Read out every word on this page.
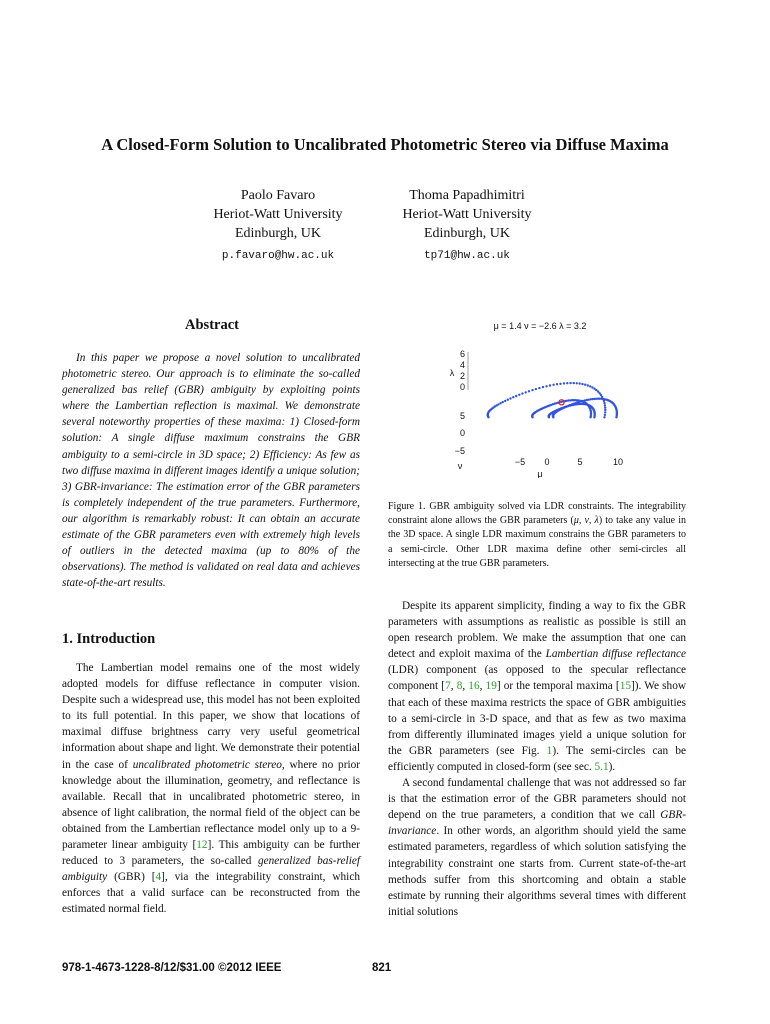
A Closed-Form Solution to Uncalibrated Photometric Stereo via Diffuse Maxima
Paolo Favaro
Heriot-Watt University
Edinburgh, UK
p.favaro@hw.ac.uk
Thoma Papadhimitri
Heriot-Watt University
Edinburgh, UK
tp71@hw.ac.uk
Abstract
In this paper we propose a novel solution to uncalibrated photometric stereo. Our approach is to eliminate the so-called generalized bas relief (GBR) ambiguity by exploiting points where the Lambertian reflection is maximal. We demonstrate several noteworthy properties of these maxima: 1) Closed-form solution: A single diffuse maximum constrains the GBR ambiguity to a semi-circle in 3D space; 2) Efficiency: As few as two diffuse maxima in different images identify a unique solution; 3) GBR-invariance: The estimation error of the GBR parameters is completely independent of the true parameters. Furthermore, our algorithm is remarkably robust: It can obtain an accurate estimate of the GBR parameters even with extremely high levels of outliers in the detected maxima (up to 80% of the observations). The method is validated on real data and achieves state-of-the-art results.
1. Introduction

The Lambertian model remains one of the most widely adopted models for diffuse reflectance in computer vision. Despite such a widespread use, this model has not been exploited to its full potential. In this paper, we show that locations of maximal diffuse brightness carry very useful geometrical information about shape and light. We demonstrate their potential in the case of uncalibrated photometric stereo, where no prior knowledge about the illumination, geometry, and reflectance is available. Recall that in uncalibrated photometric stereo, in absence of light calibration, the normal field of the object can be obtained from the Lambertian reflectance model only up to a 9-parameter linear ambiguity [12]. This ambiguity can be further reduced to 3 parameters, the so-called generalized bas-relief ambiguity (GBR) [4], via the integrability constraint, which enforces that a valid surface can be reconstructed from the estimated normal field.

μ = 1.4 ν = −2.6 λ = 3.2
6
4
2
0
λ
5
0
−5
ν	−5 0	5	10
μ
Figure 1. GBR ambiguity solved via LDR constraints. The integrability constraint alone allows the GBR parameters (μ, ν, λ) to take any value in the 3D space. A single LDR maximum constrains the GBR parameters to a semi-circle. Other LDR maxima define other semi-circles all intersecting at the true GBR parameters.

Despite its apparent simplicity, finding a way to fix the GBR parameters with assumptions as realistic as possible is still an open research problem. We make the assumption that one can detect and exploit maxima of the Lambertian diffuse reflectance (LDR) component (as opposed to the specular reflectance component [7, 8, 16, 19] or the temporal maxima [15]). We show that each of these maxima restricts the space of GBR ambiguities to a semi-circle in 3-D space, and that as few as two maxima from differently illuminated images yield a unique solution for the GBR parameters (see Fig. 1). The semi-circles can be efficiently computed in closed-form (see sec. 5.1).

A second fundamental challenge that was not addressed so far is that the estimation error of the GBR parameters should not depend on the true parameters, a condition that we call GBR-invariance. In other words, an algorithm should yield the same estimated parameters, regardless of which solution satisfying the integrability constraint one starts from. Current state-of-the-art methods suffer from this shortcoming and obtain a stable estimate by running their algorithms several times with different initial solutions

978-1-4673-1228-8/12/$31.00 ©2012 IEEE	821
